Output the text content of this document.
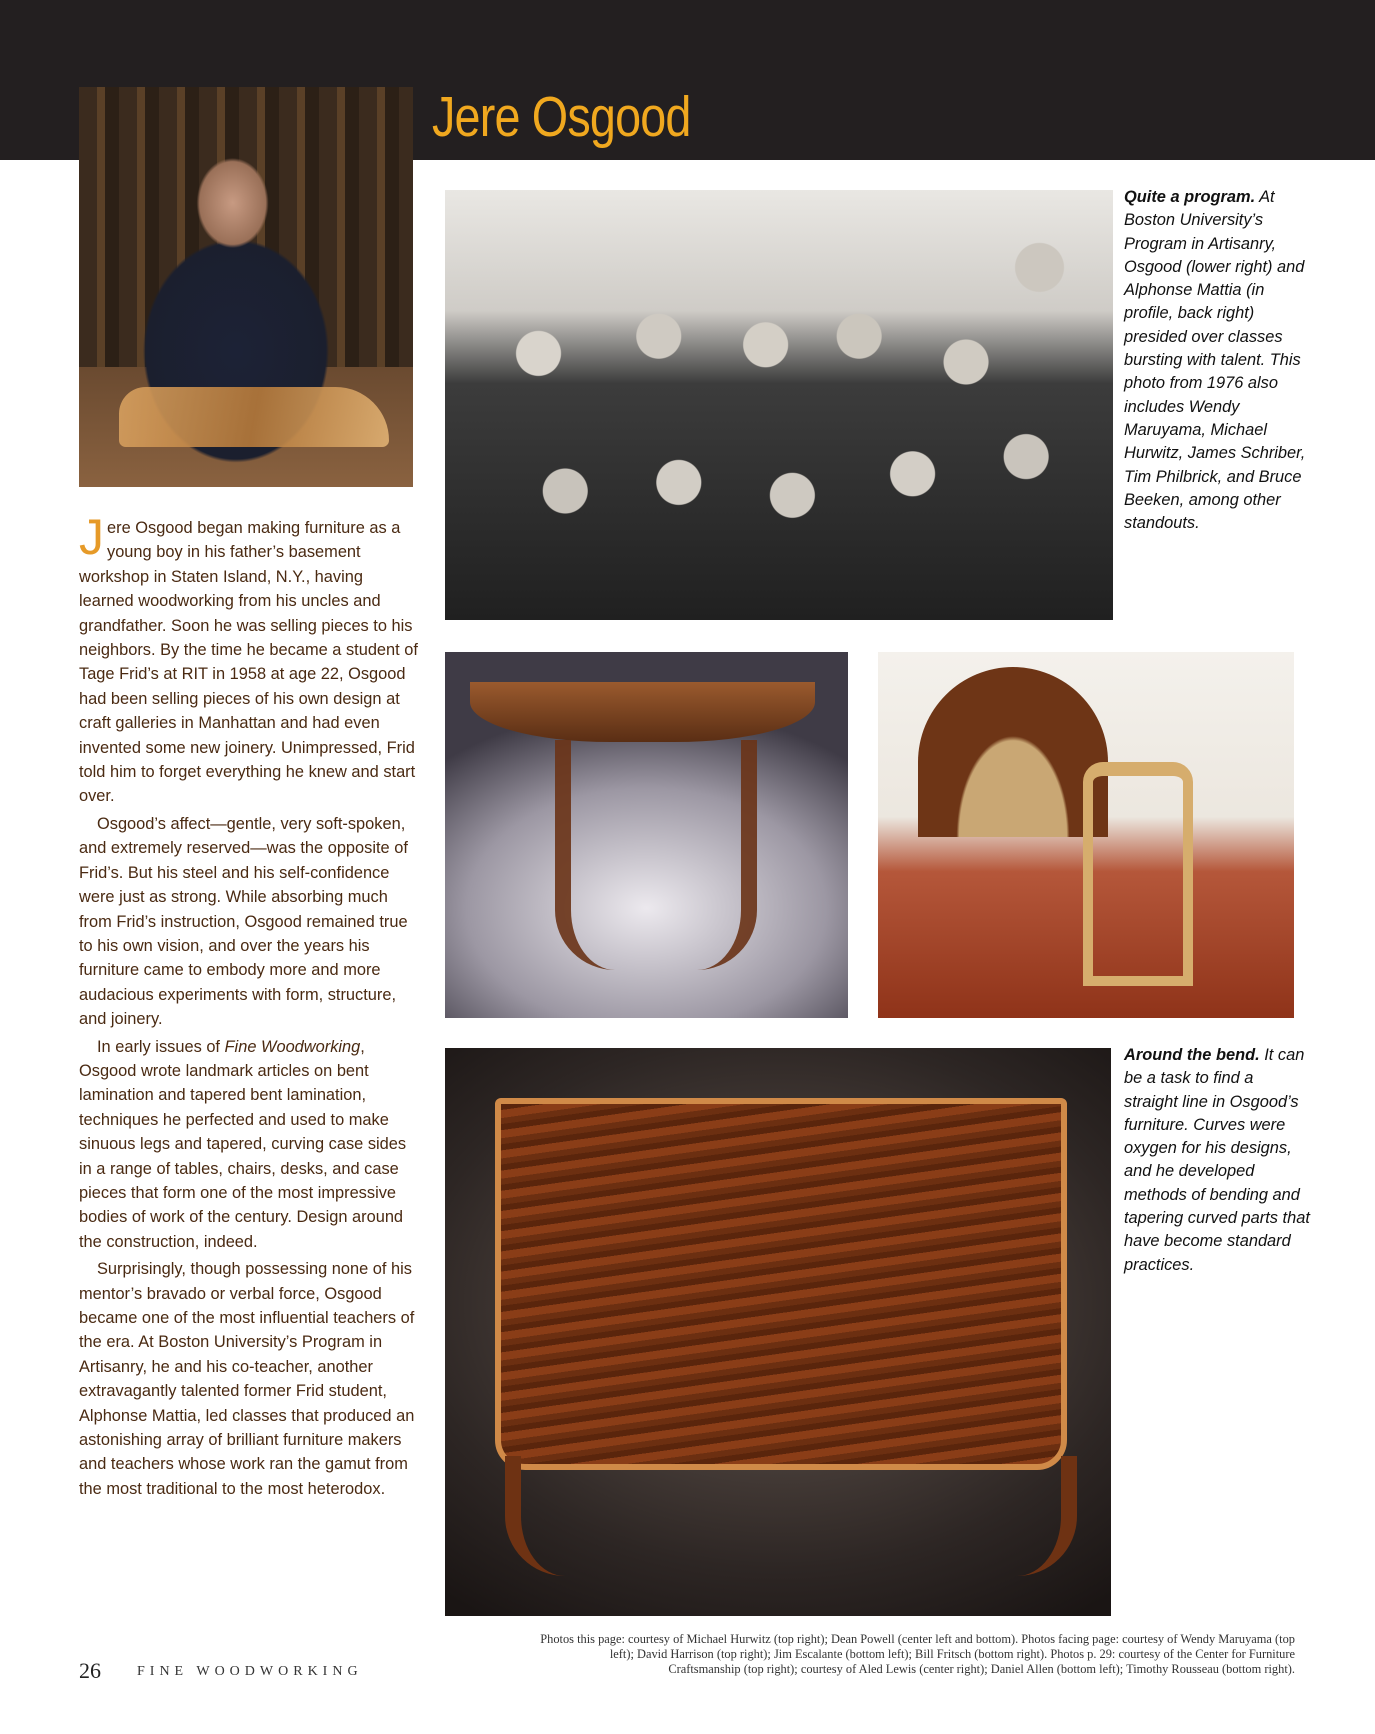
Jere Osgood

Jere Osgood began making furniture as a young boy in his father’s basement workshop in Staten Island, N.Y., having learned woodworking from his uncles and grandfather. Soon he was selling pieces to his neighbors. By the time he became a student of Tage Frid’s at RIT in 1958 at age 22, Osgood had been selling pieces of his own design at craft galleries in Manhattan and had even invented some new joinery. Unimpressed, Frid told him to forget everything he knew and start over.

Osgood’s affect—gentle, very soft-spoken, and extremely reserved—was the opposite of Frid’s. But his steel and his self-confidence were just as strong. While absorbing much from Frid’s instruction, Osgood remained true to his own vision, and over the years his furniture came to embody more and more audacious experiments with form, structure, and joinery.

In early issues of Fine Woodworking, Osgood wrote landmark articles on bent lamination and tapered bent lamination, techniques he perfected and used to make sinuous legs and tapered, curving case sides in a range of tables, chairs, desks, and case pieces that form one of the most impressive bodies of work of the century. Design around the construction, indeed.

Surprisingly, though possessing none of his mentor’s bravado or verbal force, Osgood became one of the most influential teachers of the era. At Boston University’s Program in Artisanry, he and his co-teacher, another extravagantly talented former Frid student, Alphonse Mattia, led classes that produced an astonishing array of brilliant furniture makers and teachers whose work ran the gamut from the most traditional to the most heterodox.

Quite a program. At Boston University’s Program in Artisanry, Osgood (lower right) and Alphonse Mattia (in profile, back right) presided over classes bursting with talent. This photo from 1976 also includes Wendy Maruyama, Michael Hurwitz, James Schriber, Tim Philbrick, and Bruce Beeken, among other standouts.
Around the bend. It can be a task to find a straight line in Osgood’s furniture. Curves were oxygen for his designs, and he developed methods of bending and tapering curved parts that have become standard practices.
Photos this page: courtesy of Michael Hurwitz (top right); Dean Powell (center left and bottom). Photos facing page: courtesy of Wendy Maruyama (top left); David Harrison (top right); Jim Escalante (bottom left); Bill Fritsch (bottom right). Photos p. 29: courtesy of the Center for Furniture Craftsmanship (top right); courtesy of Aled Lewis (center right); Daniel Allen (bottom left); Timothy Rousseau (bottom right).
26	FINE WOODWORKING
